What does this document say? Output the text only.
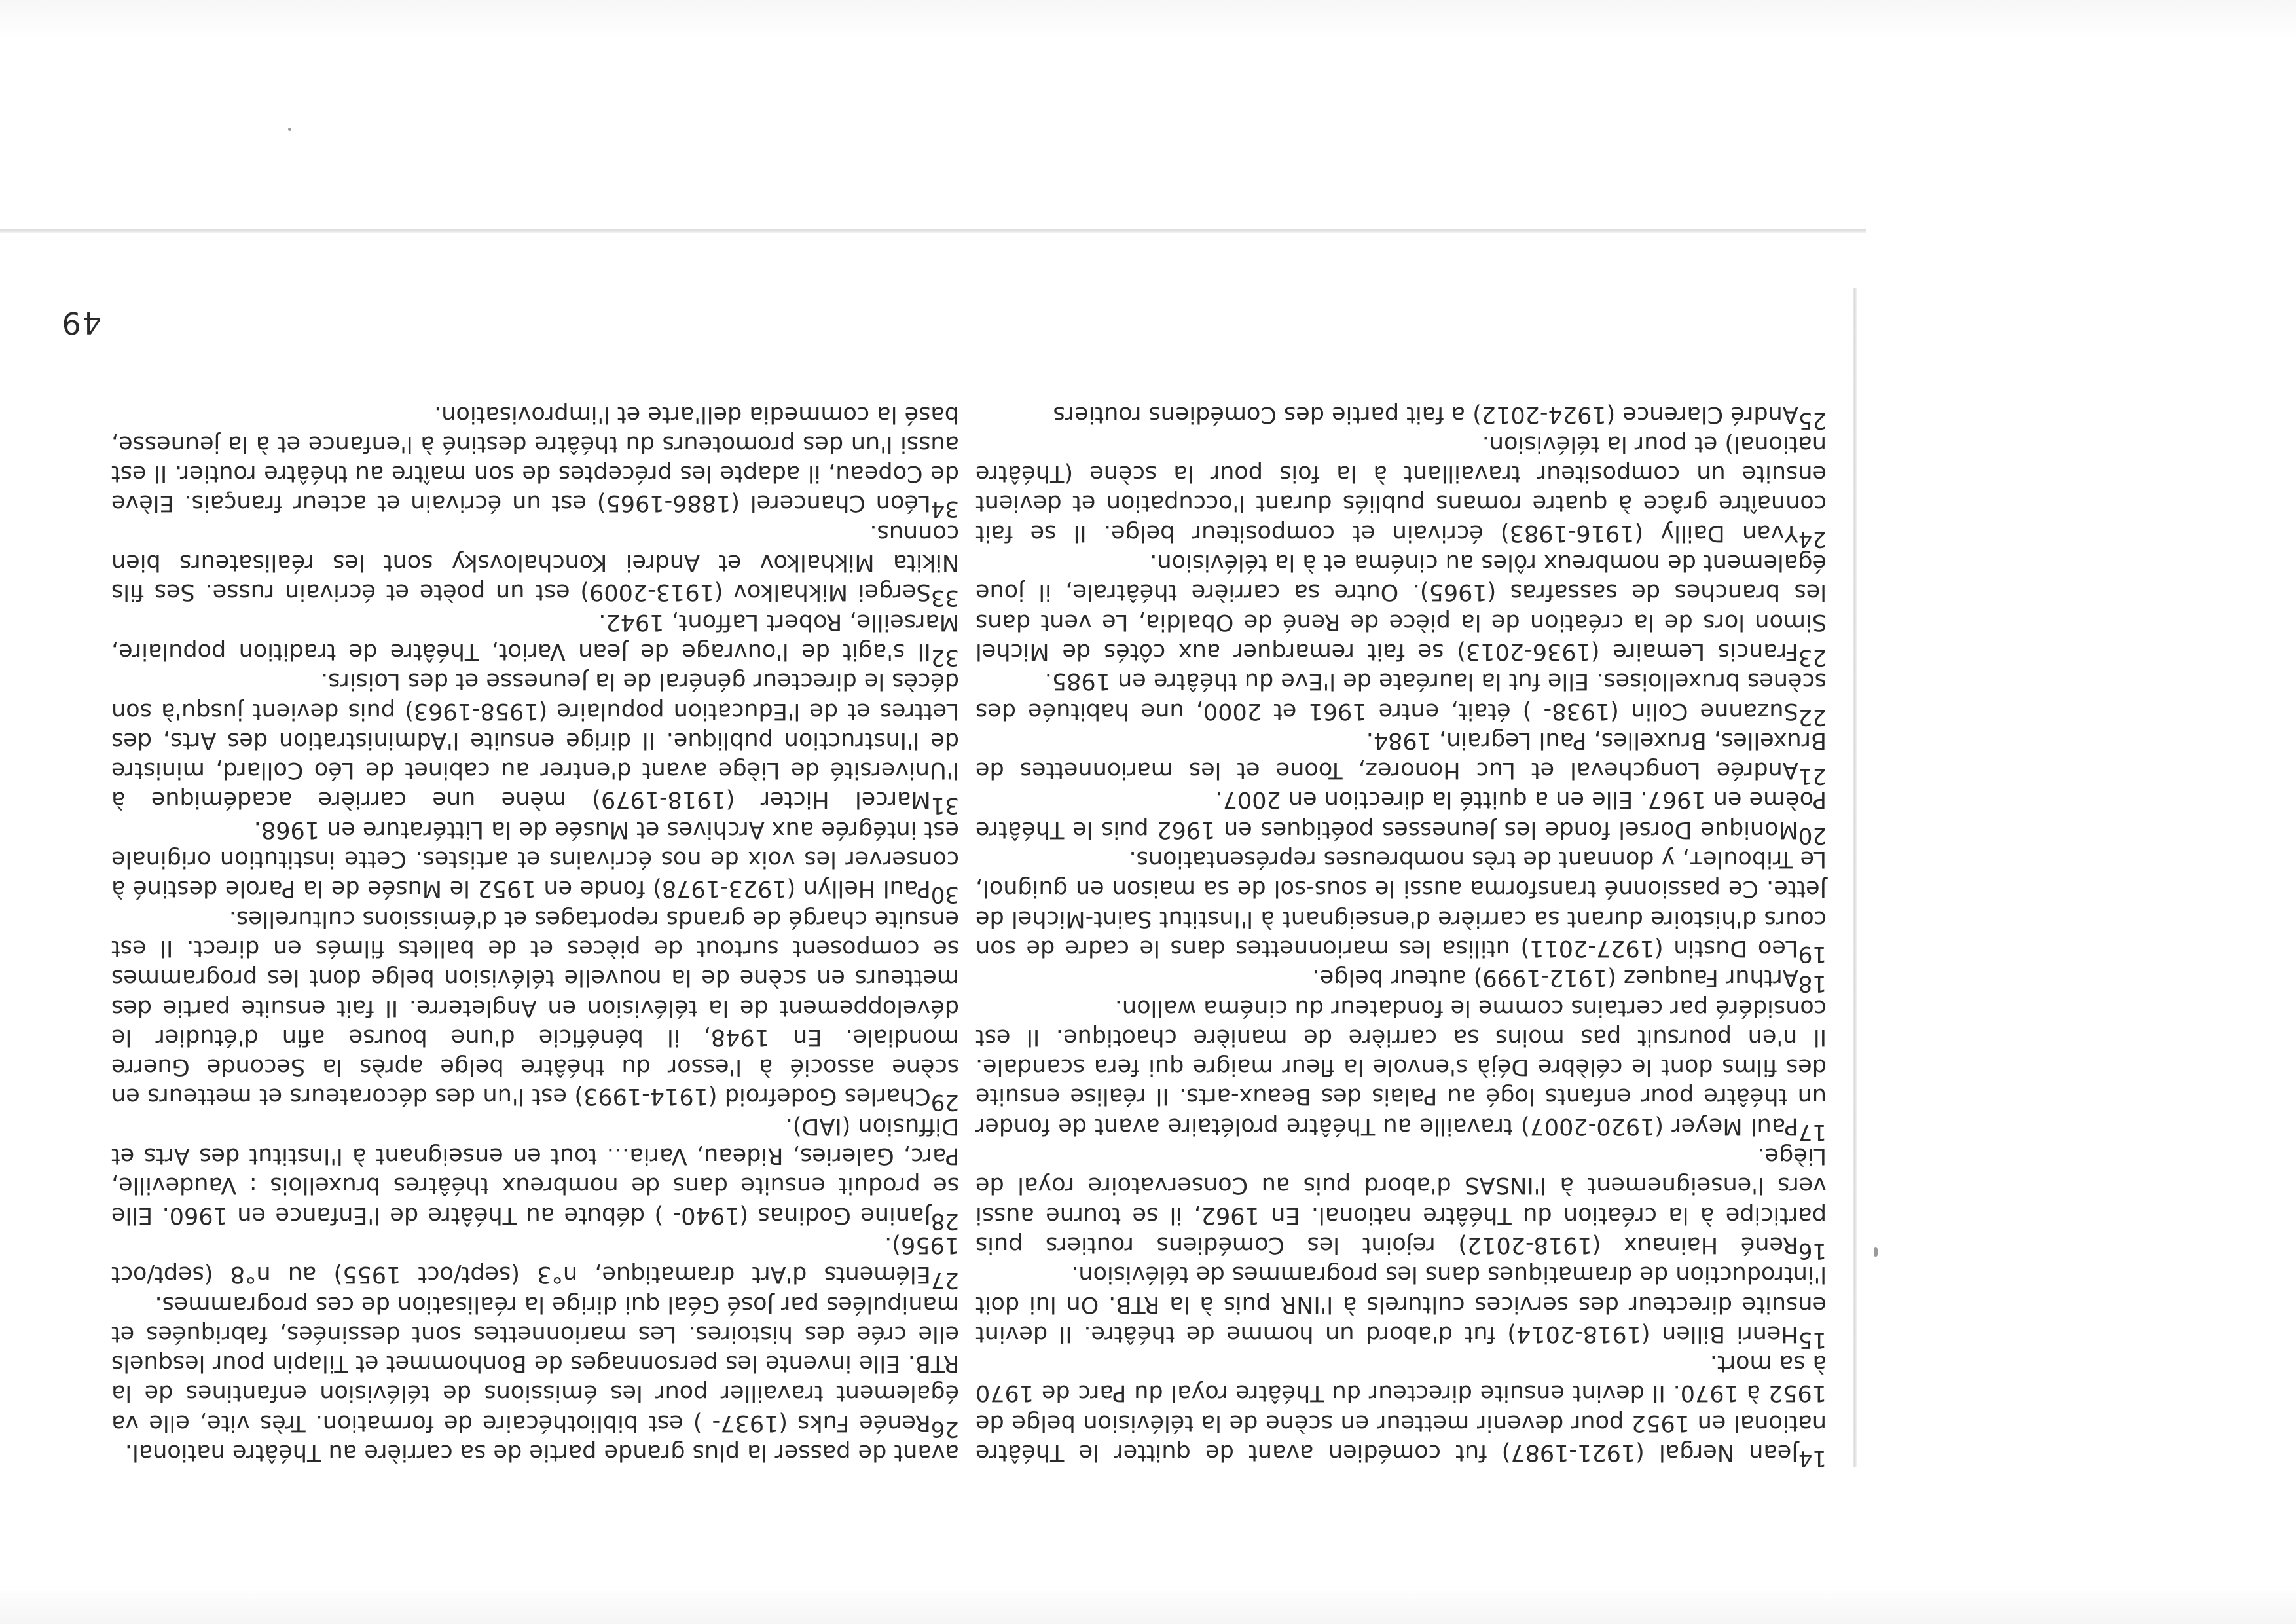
$^{14}$Jean Nergal (1921-1987) fut comédien avant de quitter le Théâtre national en 1952 pour devenir metteur en scène de la télévision belge de 1952 à 1970. Il devint ensuite directeur du Théâtre royal du Parc de 1970 à sa mort.

$^{15}$Henri Billen (1918-2014) fut d'abord un homme de théâtre. Il devint ensuite directeur des services culturels à l'INR puis à la RTB. On lui doit l'introduction de dramatiques dans les programmes de télévision.

$^{16}$René Hainaux (1918-2012) rejoint les Comédiens routiers puis participe à la création du Théâtre national. En 1962, il se tourne aussi vers l'enseignement à l'INSAS d'abord puis au Conservatoire royal de Liège.

$^{17}$Paul Meyer (1920-2007) travaille au Théâtre prolétaire avant de fonder un théâtre pour enfants logé au Palais des Beaux-arts. Il réalise ensuite des films dont le célèbre Déjà s'envole la fleur maigre qui fera scandale. Il n'en poursuit pas moins sa carrière de manière chaotique. Il est considéré par certains comme le fondateur du cinéma wallon.

$^{18}$Arthur Fauquez (1912-1999) auteur belge.

$^{19}$Leo Dustin (1927-2011) utilisa les marionnettes dans le cadre de son cours d'histoire durant sa carrière d'enseignant à l'Institut Saint-Michel de Jette. Ce passionné transforma aussi le sous-sol de sa maison en guignol, Le Tribouleт, y donnant de très nombreuses représentations.

$^{20}$Monique Dorsel fonde les Jeunesses poétiques en 1962 puis le Théâtre Poème en 1967. Elle en a quitté la direction en 2007.

$^{21}$Andrée Longcheval et Luc Honorez, Toone et les marionnettes de Bruxelles, Bruxelles, Paul Legrain, 1984.

$^{22}$Suzanne Colin (1938- ) était, entre 1961 et 2000, une habituée des scènes bruxelloises. Elle fut la lauréate de l'Eve du théâtre en 1985.

$^{23}$Francis Lemaire (1936-2013) se fait remarquer aux côtés de Michel Simon lors de la création de la pièce de René de Obaldia, Le vent dans les branches de sassafras (1965). Outre sa carrière théâtrale, il joue également de nombreux rôles au cinéma et à la télévision.

$^{24}$Yvan Dailly (1916-1983) écrivain et compositeur belge. Il se fait connaître grâce à quatre romans publiés durant l'occupation et devient ensuite un compositeur travaillant à la fois pour la scène (Théâtre national) et pour la télévision.

$^{25}$André Clarence (1924-2012) a fait partie des Comédiens routiers

avant de passer la plus grande partie de sa carrière au Théâtre national.

$^{26}$Renée Fuks (1937- ) est bibliothécaire de formation. Très vite, elle va également travailler pour les émissions de télévision enfantines de la RTB. Elle invente les personnages de Bonhommet et Tilapin pour lesquels elle crée des histoires. Les marionnettes sont dessinées, fabriquées et manipulées par José Géal qui dirige la réalisation de ces programmes.

$^{27}$Eléments d'Art dramatique, n°3 (sept/oct 1955) au n°8 (sept/oct 1956).

$^{28}$Janine Godinas (1940- ) débute au Théâtre de l'Enfance en 1960. Elle se produit ensuite dans de nombreux théâtres bruxellois : Vaudeville, Parc, Galeries, Rideau, Varia… tout en enseignant à l'Institut des Arts et Diffusion (IAD).

$^{29}$Charles Godefroid (1914-1993) est l'un des décorateurs et metteurs en scène associé à l'essor du théâtre belge après la Seconde Guerre mondiale. En 1948, il bénéficie d'une bourse afin d'étudier le développement de la télévision en Angleterre. Il fait ensuite partie des metteurs en scène de la nouvelle télévision belge dont les programmes se composent surtout de pièces et de ballets filmés en direct. Il est ensuite chargé de grands reportages et d'émissions culturelles.

$^{30}$Paul Hellyn (1923-1978) fonde en 1952 le Musée de la Parole destiné à conserver les voix de nos écrivains et artistes. Cette institution originale est intégrée aux Archives et Musée de la Littérature en 1968.

$^{31}$Marcel Hicter (1918-1979) mène une carrière académique à l'Université de Liège avant d'entrer au cabinet de Léo Collard, ministre de l'Instruction publique. Il dirige ensuite l'Administration des Arts, des Lettres et de l'Education populaire (1958-1963) puis devient jusqu'à son décès le directeur général de la Jeunesse et des Loisirs.

$^{32}$Il s'agit de l'ouvrage de Jean Variot, Théâtre de tradition populaire, Marseille, Robert Laffont, 1942.

$^{33}$Sergei Mikhalkov (1913-2009) est un poète et écrivain russe. Ses fils Nikita Mikhalkov et Andrei Konchalovsky sont les réalisateurs bien connus.

$^{34}$Léon Chancerel (1886-1965) est un écrivain et acteur français. Elève de Copeau, il adapte les préceptes de son maître au théâtre routier. Il est aussi l'un des promoteurs du théâtre destiné à l'enfance et à la jeunesse, basé la commedia dell'arte et l'improvisation.

49
